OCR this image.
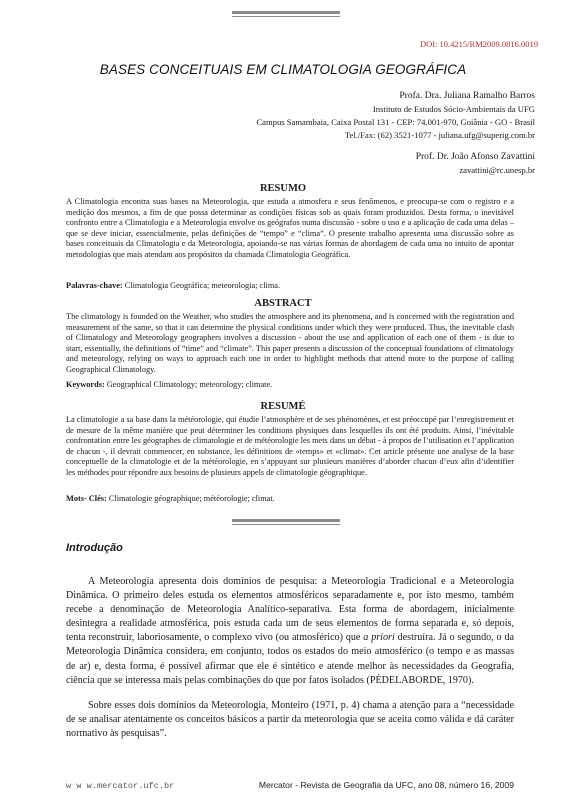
DOI: 10.4215/RM2009.0816.0019
BASES CONCEITUAIS EM CLIMATOLOGIA GEOGRÁFICA
Profa. Dra. Juliana Ramalho Barros
Instituto de Estudos Sócio-Ambientais da UFG
Campus Samambaia, Caixa Postal 131 - CEP: 74.001-970, Goiânia - GO - Brasil
Tel./Fax: (62) 3521-1077 - juliana.ufg@superig.com.br
Prof. Dr. João Afonso Zavattini
zavattini@rc.unesp.br
RESUMO
A Climatologia encontra suas bases na Meteorologia, que estuda a atmosfera e seus fenômenos, e preocupa-se com o registro e a medição dos mesmos, a fim de que possa determinar as condições físicas sob as quais foram produzidos. Desta forma, o inevitável confronto entre a Climatologia e a Meteorologia envolve os geógrafos numa discussão - sobre o uso e a aplicação de cada uma delas – que se deve iniciar, essencialmente, pelas definições de “tempo” e “clima”. O presente trabalho apresenta uma discussão sobre as bases conceituais da Climatologia e da Meteorologia, apoiando-se nas várias formas de abordagem de cada uma no intuito de apontar metodologias que mais atendam aos propósitos da chamada Climatologia Geográfica.
Palavras-chave: Climatologia Geográfica; meteorologia; clima.
ABSTRACT
The climatology is founded on the Weather, who studies the atmosphere and its phenomena, and is concerned with the registration and measurement of the same, so that it can determine the physical conditions under which they were produced. Thus, the inevitable clash of Climatology and Meteorology geographers involves a discussion - about the use and application of each one of them - is due to start, essentially, the definitions of “time” and “climate”. This paper presents a discussion of the conceptual foundations of climatology and meteorology, relying on ways to approach each one in order to highlight methods that attend more to the purpose of calling Geographical Climatology.
Keywords: Geographical Climatology; meteorology; climate.
RESUMÉ
La climatologie a sa base dans la météorologie, qui étudie l’atmosphère et de ses phénomènes, et est préoccupé par l’enregistrement et de mesure de la même manière que peut déterminer les conditions physiques dans lesquelles ils ont été produits. Ainsi, l’inévitable confrontation entre les géographes de climatologie et de météorologie les mets dans un débat - à propos de l’utilisation et l’application de chacun -, il devrait commencer, en substance, les définitions de «temps» et «climat». Cet article présente une analyse de la base conceptuelle de la climatologie et de la météorologie, en s’appuyant sur plusieurs manières d’aborder chacun d’eux afin d’identifier les méthodes pour répondre aux besoins de plusieurs appels de climatologie géographique.
Mots- Clés: Climatologie géographique; météorologie; climat.
Introdução
A Meteorologia apresenta dois domínios de pesquisa: a Meteorologia Tradicional e a Meteorologia Dinâmica. O primeiro deles estuda os elementos atmosféricos separadamente e, por isto mesmo, também recebe a denominação de Meteorologia Analítico-separativa. Esta forma de abordagem, inicialmente desintegra a realidade atmosférica, pois estuda cada um de seus elementos de forma separada e, só depois, tenta reconstruir, laboriosamente, o complexo vivo (ou atmosférico) que a priori destruíra. Já o segundo, o da Meteorologia Dinâmica considera, em conjunto, todos os estados do meio atmosférico (o tempo e as massas de ar) e, desta forma, é possível afirmar que ele é sintético e atende melhor às necessidades da Geografia, ciência que se interessa mais pelas combinações do que por fatos isolados (PÉDELABORDE, 1970).
Sobre esses dois domínios da Meteorologia, Monteiro (1971, p. 4) chama a atenção para a “necessidade de se analisar atentamente os conceitos básicos a partir da meteorologia que se aceita como válida e dá caráter normativo às pesquisas”.
w w w.mercator.ufc.br	Mercator - Revista de Geografia da UFC, ano 08, número 16, 2009
